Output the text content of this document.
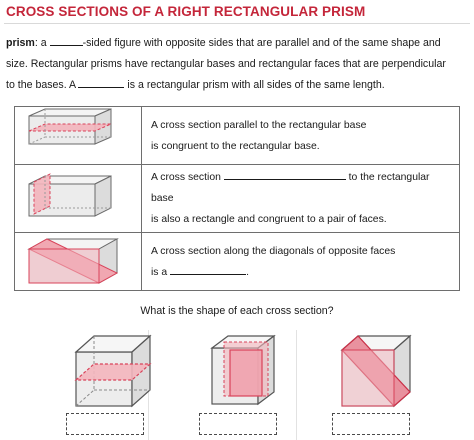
CROSS SECTIONS OF A RIGHT RECTANGULAR PRISM
prism: a	-sided figure with opposite sides that are parallel and of the same shape and
size. Rectangular prisms have rectangular bases and rectangular faces that are perpendicular
to the bases. A	is a rectangular prism with all sides of the same length.

A cross section parallel to the rectangular base
is congruent to the rectangular base.

A cross section to the rectangular base
is also a rectangle and congruent to a pair of faces.

A cross section along the diagonals of opposite faces
is a .
What is the shape of each cross section?
